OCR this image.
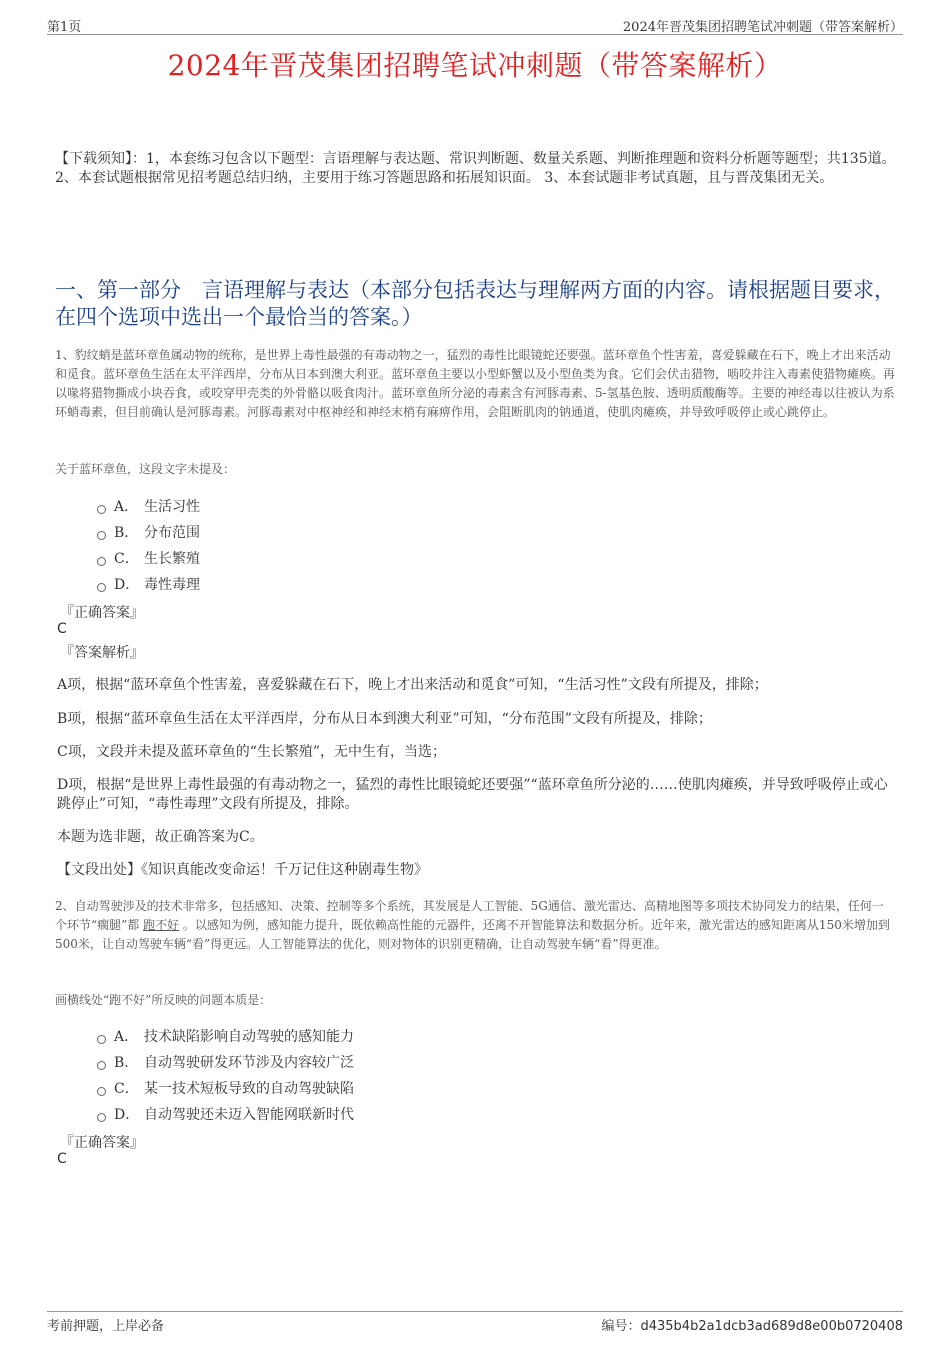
第1页	2024年晋茂集团招聘笔试冲刺题（带答案解析）
2024年晋茂集团招聘笔试冲刺题（带答案解析）
【下载须知】：1，本套练习包含以下题型：言语理解与表达题、常识判断题、数量关系题、判断推理题和资料分析题等题型；共135道。 2、本套试题根据常见招考题总结归纳，主要用于练习答题思路和拓展知识面。 3、本套试题非考试真题，且与晋茂集团无关。
一、第一部分　言语理解与表达（本部分包括表达与理解两方面的内容。请根据题目要求，在四个选项中选出一个最恰当的答案。）
1、豹纹蛸是蓝环章鱼属动物的统称，是世界上毒性最强的有毒动物之一，猛烈的毒性比眼镜蛇还要强。蓝环章鱼个性害羞，喜爱躲藏在石下，晚上才出来活动和觅食。蓝环章鱼生活在太平洋西岸，分布从日本到澳大利亚。蓝环章鱼主要以小型虾蟹以及小型鱼类为食。它们会伏击猎物，啮咬并注入毒素使猎物瘫痪。再以喙将猎物撕成小块吞食，或咬穿甲壳类的外骨骼以吸食肉汁。蓝环章鱼所分泌的毒素含有河豚毒素、5-氢基色胺、透明质酸酶等。主要的神经毒以往被认为系环蛸毒素，但目前确认是河豚毒素。河豚毒素对中枢神经和神经末梢有麻痹作用，会阻断肌肉的钠通道，使肌肉瘫痪，并导致呼吸停止或心跳停止。
关于蓝环章鱼，这段文字未提及：
A． 生活习性
B． 分布范围
C． 生长繁殖
D． 毒性毒理
『正确答案』
C
『答案解析』
A项，根据“蓝环章鱼个性害羞，喜爱躲藏在石下，晚上才出来活动和觅食”可知，“生活习性”文段有所提及，排除；
B项，根据“蓝环章鱼生活在太平洋西岸，分布从日本到澳大利亚”可知，“分布范围”文段有所提及，排除；
C项，文段并未提及蓝环章鱼的“生长繁殖”，无中生有，当选；
D项，根据“是世界上毒性最强的有毒动物之一，猛烈的毒性比眼镜蛇还要强”“蓝环章鱼所分泌的……使肌肉瘫痪，并导致呼吸停止或心跳停止”可知，“毒性毒理”文段有所提及，排除。
本题为选非题，故正确答案为C。
【文段出处】《知识真能改变命运！千万记住这种剧毒生物》
2、自动驾驶涉及的技术非常多，包括感知、决策、控制等多个系统，其发展是人工智能、5G通信、激光雷达、高精地图等多项技术协同发力的结果，任何一个环节“瘸腿”都 跑不好 。以感知为例，感知能力提升，既依赖高性能的元器件，还离不开智能算法和数据分析。近年来，激光雷达的感知距离从150米增加到500米，让自动驾驶车辆“看”得更远。人工智能算法的优化，则对物体的识别更精确，让自动驾驶车辆“看”得更准。
画横线处“跑不好”所反映的问题本质是：
A． 技术缺陷影响自动驾驶的感知能力
B． 自动驾驶研发环节涉及内容较广泛
C． 某一技术短板导致的自动驾驶缺陷
D． 自动驾驶还未迈入智能网联新时代
『正确答案』
C
考前押题，上岸必备	编号：d435b4b2a1dcb3ad689d8e00b0720408
